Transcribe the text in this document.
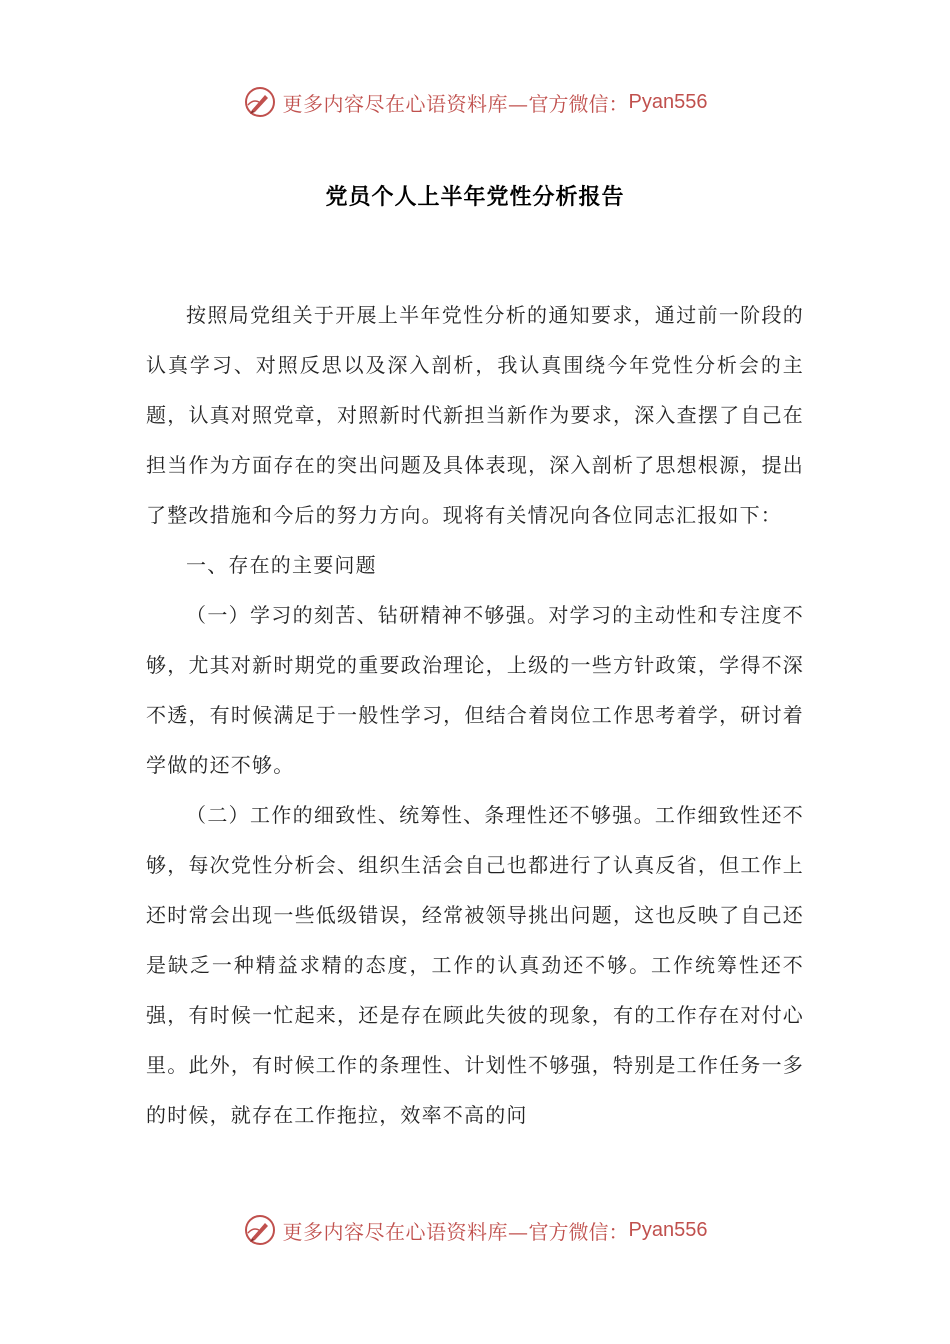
更多内容尽在心语资料库— 官方微信： Pyan556
党员个人上半年党性分析报告

按照局党组关于开展上半年党性分析的通知要求，通过前一阶段的认真学习、对照反思以及深入剖析，我认真围绕今年党性分析会的主题，认真对照党章，对照新时代新担当新作为要求，深入查摆了自己在担当作为方面存在的突出问题及具体表现，深入剖析了思想根源，提出了整改措施和今后的努力方向。现将有关情况向各位同志汇报如下：

一、存在的主要问题

（一）学习的刻苦、钻研精神不够强。对学习的主动性和专注度不够，尤其对新时期党的重要政治理论，上级的一些方针政策，学得不深不透，有时候满足于一般性学习，但结合着岗位工作思考着学，研讨着学做的还不够。

（二）工作的细致性、统筹性、条理性还不够强。工作细致性还不够，每次党性分析会、组织生活会自己也都进行了认真反省，但工作上还时常会出现一些低级错误，经常被领导挑出问题，这也反映了自己还是缺乏一种精益求精的态度，工作的认真劲还不够。工作统筹性还不强，有时候一忙起来，还是存在顾此失彼的现象，有的工作存在对付心里。此外，有时候工作的条理性、计划性不够强，特别是工作任务一多的时候，就存在工作拖拉，效率不高的问

更多内容尽在心语资料库— 官方微信： Pyan556
